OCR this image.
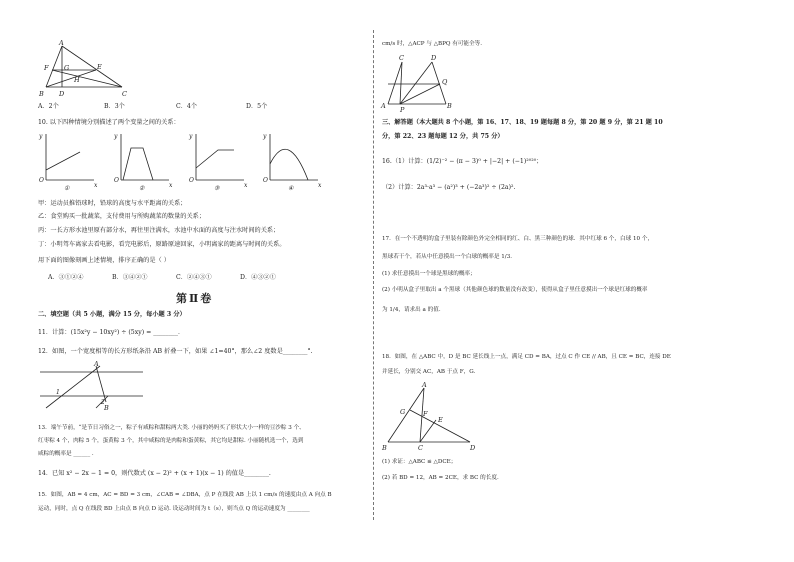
A
F G	E
H
B D	C
A．2个	B．3个	C．4个	D．5个
10. 以下四种情境分别描述了两个变量之间的关系：
y
O
x
①
y
O
x
②
y
O
x
③
y
O
x
④
甲：运动员推铅球时，铅球的高度与水平距离的关系；
乙：食堂购买一批蔬菜，支付费用与所购蔬菜的数量的关系；
丙：一长方形水池里原有部分水，再往里注满水，水池中水面的高度与注水时间的关系；
丁：小明驾车离家去看电影，看完电影后，原路原速回家，小明离家的距离与时间的关系。
用下面的图像刻画上述情境，排序正确的是（ ）
A．③①②④	B．③④②①	C．②④③①	D．④③②①
第Ⅱ卷
二、填空题（共 5 小题，满分 15 分，每小题 3 分）
11．计算：(15x²y − 10xy²) ÷ (5xy) = ________．
12．如图，一个宽度相等的长方形纸条沿 AB 折叠一下，如果 ∠1=40°，那么∠2 度数是________°.
A
B
1
2
13．端午节前，“是节日习俗之一，粽子有咸粽和甜粽两大类. 小丽的妈妈买了形状大小一样的豆沙粽 3 个、
红枣粽 4 个，肉粽 5 个，蛋黄粽 3 个，其中咸粽的是肉粽和蛋黄粽，其它均是甜粽. 小丽随机选一个，选到
咸粽的概率是 ______ .
14．已知 x² − 2x − 1 = 0，则代数式 (x − 2)² + (x + 1)(x − 1) 的值是________.
15．如图，AB = 4 cm，AC = BD = 3 cm，∠CAB = ∠DBA，点 P 在线段 AB 上以 1 cm/s 的速度由点 A 向点 B
运动，同时，点 Q 在线段 BD 上由点 B 向点 D 运动. 设运动时间为 t（s），则当点 Q 的运动速度为 ________
cm/s 时，△ACP 与 △BPQ 有可能全等.
C	D
Q
A P	B
三、解答题（本大题共 8 个小题，第 16、17、18、19 题每题 8 分，第 20 题 9 分，第 21 题 10
分，第 22、23 题每题 12 分，共 75 分）
16.（1）计算：(1/2)⁻² − (π − 3)⁰ + |−2| + (−1)²⁰²⁰；
（2）计算：2a³·a³ − (a²)³ + (−2a³)² ÷ (2a)².
17．在一个不透明的盒子里装有除颜色外完全相同的红、白、黑三种颜色的球．其中红球 6 个，白球 10 个，
黑球若干个，若从中任意摸出一个白球的概率是 1/3．
(1) 求任意摸出一个球是黑球的概率；
(2) 小明从盒子里取出 a 个黑球（其他颜色球的数量没有改变），使得从盒子里任意摸出一个球是红球的概率
为 1/4，请求出 a 的值.
18．如图，在 △ABC 中，D 是 BC 延长线上一点，满足 CD = BA，过点 C 作 CE // AB，且 CE = BC，连接 DE
并延长，分别交 AC，AB 于点 F，G．
A
G	F
E
B	C	D
(1) 求证：△ABC ≌ △DCE；
(2) 若 BD = 12，AB = 2CE，求 BC 的长度.
